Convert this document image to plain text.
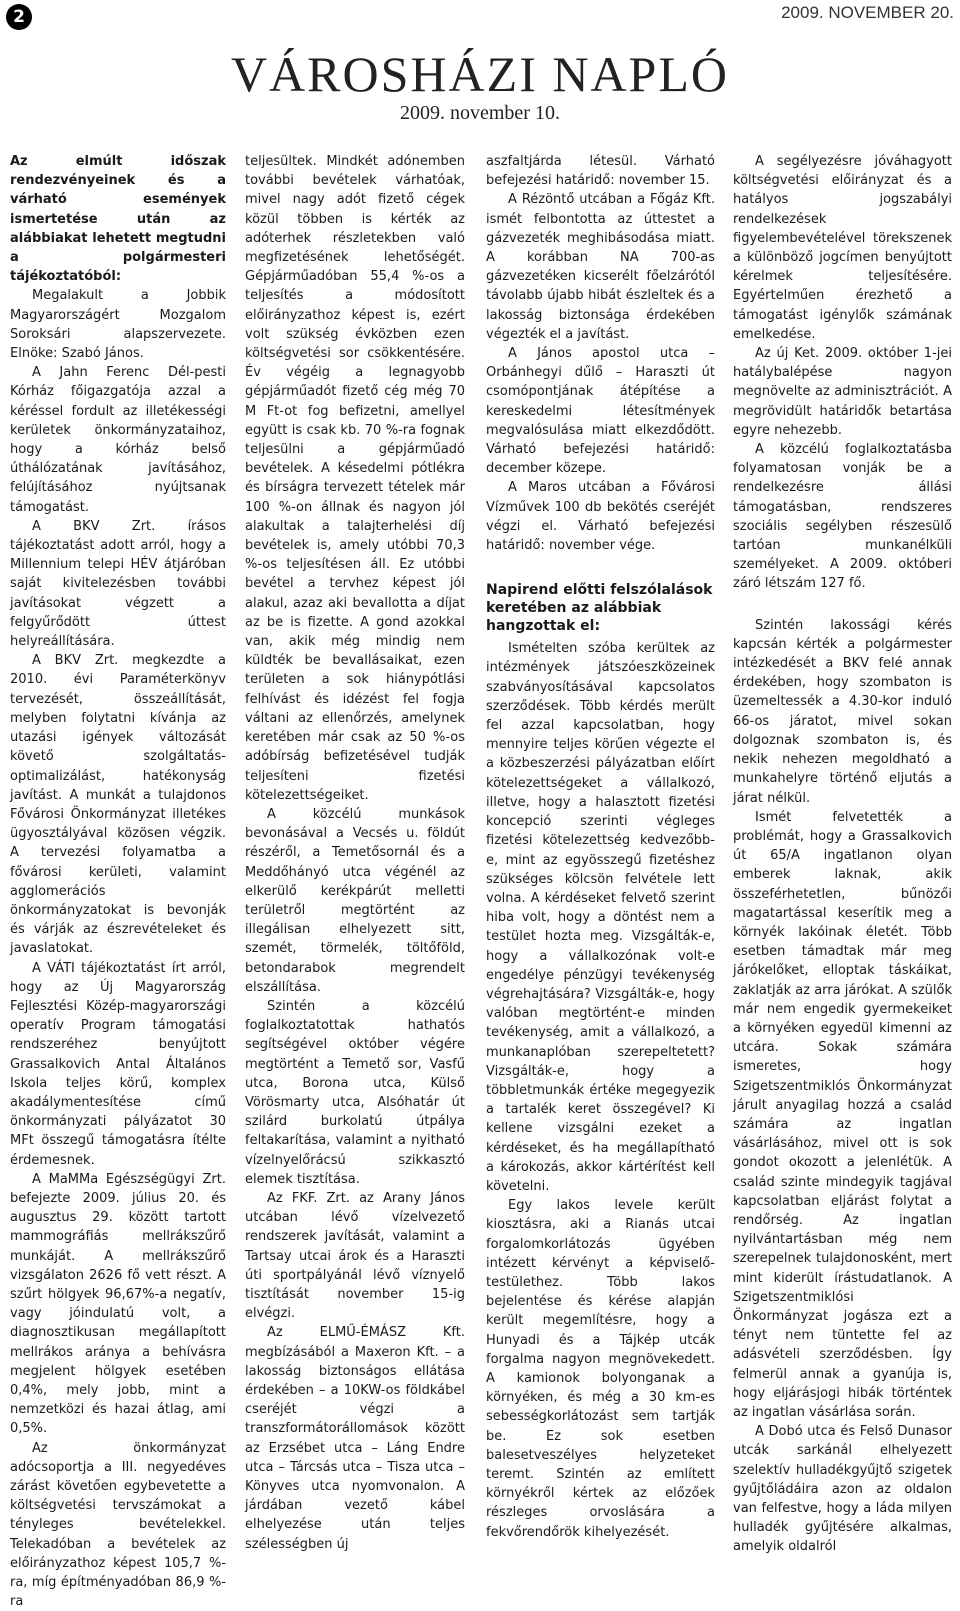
2	2009. NOVEMBER 20.
VÁROSHÁZI NAPLÓ
2009. november 10.

Az elmúlt időszak rendezvényeinek és a várható események ismertetése után az alábbiakat lehetett megtudni a polgármesteri tájékoztatóból:

Megalakult a Jobbik Magyarországért Mozgalom Soroksári alapszervezete. Elnöke: Szabó János.

A Jahn Ferenc Dél-pesti Kórház főigazgatója azzal a kéréssel fordult az illetékességi kerületek önkormányzataihoz, hogy a kórház belső úthálózatának javításához, felújításához nyújtsanak támogatást.

A BKV Zrt. írásos tájékoztatást adott arról, hogy a Millennium telepi HÉV átjáróban saját kivitelezésben további javításokat végzett a felgyűrődött úttest helyreállítására.

A BKV Zrt. megkezdte a 2010. évi Paraméterkönyv tervezését, összeállítását, melyben folytatni kívánja az utazási igények változását követő szolgáltatás-optimalizálást, hatékonyság javítást. A munkát a tulajdonos Fővárosi Önkormányzat illetékes ügyosztályával közösen végzik. A tervezési folyamatba a fővárosi kerületi, valamint agglomerációs önkormányzatokat is bevonják és várják az észrevételeket és javaslatokat.

A VÁTI tájékoztatást írt arról, hogy az Új Magyarország Fejlesztési Közép-magyarországi operatív Program támogatási rendszeréhez benyújtott Grassalkovich Antal Általános Iskola teljes körű, komplex akadálymentesítése című önkormányzati pályázatot 30 MFt összegű támogatásra ítélte érdemesnek.

A MaMMa Egészségügyi Zrt. befejezte 2009. július 20. és augusztus 29. között tartott mammográfiás mellrákszűrő munkáját. A mellrákszűrő vizsgálaton 2626 fő vett részt. A szűrt hölgyek 96,67%-a negatív, vagy jóindulatú volt, a diagnosztikusan megállapított mellrákos aránya a behívásra megjelent hölgyek esetében 0,4%, mely jobb, mint a nemzetközi és hazai átlag, ami 0,5%.

Az önkormányzat adócsoportja a III. negyedéves zárást követően egybevetette a költségvetési tervszámokat a tényleges bevételekkel. Telekadóban a bevételek az előirányzathoz képest 105,7 %-ra, míg építményadóban 86,9 %-ra

teljesültek. Mindkét adónemben további bevételek várhatóak, mivel nagy adót fizető cégek közül többen is kérték az adóterhek részletekben való megfizetésének lehetőségét. Gépjárműadóban 55,4 %-os a teljesítés a módosított előirányzathoz képest is, ezért volt szükség évközben ezen költségvetési sor csökkentésére. Év végéig a legnagyobb gépjárműadót fizető cég még 70 M Ft-ot fog befizetni, amellyel együtt is csak kb. 70 %-ra fognak teljesülni a gépjárműadó bevételek. A késedelmi pótlékra és bírságra tervezett tételek már 100 %-on állnak és nagyon jól alakultak a talajterhelési díj bevételek is, amely utóbbi 70,3 %-os teljesítésen áll. Ez utóbbi bevétel a tervhez képest jól alakul, azaz aki bevallotta a díjat az be is fizette. A gond azokkal van, akik még mindig nem küldték be bevallásaikat, ezen területen a sok hiánypótlási felhívást és idézést fel fogja váltani az ellenőrzés, amelynek keretében már csak az 50 %-os adóbírság befizetésével tudják teljesíteni fizetési kötelezettségeiket.

A közcélú munkások bevonásával a Vecsés u. földút részéről, a Temetősornál és a Meddőhányó utca végénél az elkerülő kerékpárút melletti területről megtörtént az illegálisan elhelyezett sitt, szemét, törmelék, töltőföld, betondarabok megrendelt elszállítása.

Szintén a közcélú foglalkoztatottak hathatós segítségével október végére megtörtént a Temető sor, Vasfű utca, Borona utca, Külső Vörösmarty utca, Alsóhatár út szilárd burkolatú útpálya feltakarítása, valamint a nyitható vízelnyelőrácsú szikkasztó elemek tisztítása.

Az FKF. Zrt. az Arany János utcában lévő vízelvezető rendszerek javítását, valamint a Tartsay utcai árok és a Haraszti úti sportpályánál lévő víznyelő tisztítását november 15-ig elvégzi.

Az ELMŰ-ÉMÁSZ Kft. megbízásából a Maxeron Kft. – a lakosság biztonságos ellátása érdekében – a 10KW-os földkábel cseréjét végzi a transzformátorállomások között az Erzsébet utca – Láng Endre utca – Tárcsás utca – Tisza utca – Könyves utca nyomvonalon. A járdában vezető kábel elhelyezése után teljes szélességben új

aszfaltjárda létesül. Várható befejezési határidő: november 15.

A Rézöntő utcában a Főgáz Kft. ismét felbontotta az úttestet a gázvezeték meghibásodása miatt. A korábban NA 700-as gázvezetéken kicserélt főelzárótól távolabb újabb hibát észleltek és a lakosság biztonsága érdekében végezték el a javítást.

A János apostol utca – Orbánhegyi dűlő – Haraszti út csomópontjának átépítése a kereskedelmi létesítmények megvalósulása miatt elkezdődött. Várható befejezési határidő: december közepe.

A Maros utcában a Fővárosi Vízművek 100 db bekötés cseréjét végzi el. Várható befejezési határidő: november vége.

Napirend előtti felszólalások keretében az alábbiak hangzottak el:

Ismételten szóba kerültek az intézmények játszóeszközeinek szabványosításával kapcsolatos szerződések. Több kérdés merült fel azzal kapcsolatban, hogy mennyire teljes körűen végezte el a közbeszerzési pályázatban előírt kötelezettségeket a vállalkozó, illetve, hogy a halasztott fizetési koncepció szerinti végleges fizetési kötelezettség kedvezőbb-e, mint az egyösszegű fizetéshez szükséges kölcsön felvétele lett volna. A kérdéseket felvető szerint hiba volt, hogy a döntést nem a testület hozta meg. Vizsgálták-e, hogy a vállalkozónak volt-e engedélye pénzügyi tevékenység végrehajtására? Vizsgálták-e, hogy valóban megtörtént-e minden tevékenység, amit a vállalkozó, a munkanaplóban szerepeltetett? Vizsgálták-e, hogy a többletmunkák értéke megegyezik a tartalék keret összegével? Ki kellene vizsgálni ezeket a kérdéseket, és ha megállapítható a károkozás, akkor kártérítést kell követelni.

Egy lakos levele került kiosztásra, aki a Rianás utcai forgalomkorlátozás ügyében intézett kérvényt a képviselő-testülethez. Több lakos bejelentése és kérése alapján került megemlítésre, hogy a Hunyadi és a Tájkép utcák forgalma nagyon megnövekedett. A kamionok bolyonganak a környéken, és még a 30 km-es sebességkorlátozást sem tartják be. Ez sok esetben balesetveszélyes helyzeteket teremt. Szintén az említett környékről kértek az előzőek részleges orvoslására a fekvőrendőrök kihelyezését.

A segélyezésre jóváhagyott költségvetési előirányzat és a hatályos jogszabályi rendelkezések figyelembevételével törekszenek a különböző jogcímen benyújtott kérelmek teljesítésére. Egyértelműen érezhető a támogatást igénylők számának emelkedése.

Az új Ket. 2009. október 1-jei hatálybalépése nagyon megnövelte az adminisztrációt. A megrövidült határidők betartása egyre nehezebb.

A közcélú foglalkoztatásba folyamatosan vonják be a rendelkezésre állási támogatásban, rendszeres szociális segélyben részesülő tartóan munkanélküli személyeket. A 2009. októberi záró létszám 127 fő.

Szintén lakossági kérés kapcsán kérték a polgármester intézkedését a BKV felé annak érdekében, hogy szombaton is üzemeltessék a 4.30-kor induló 66-os járatot, mivel sokan dolgoznak szombaton is, és nekik nehezen megoldható a munkahelyre történő eljutás a járat nélkül.

Ismét felvetették a problémát, hogy a Grassalkovich út 65/A ingatlanon olyan emberek laknak, akik összeférhetetlen, bűnözői magatartással keserítik meg a környék lakóinak életét. Több esetben támadtak már meg járókelőket, elloptak táskáikat, zaklatják az arra járókat. A szülők már nem engedik gyermekeiket a környéken egyedül kimenni az utcára. Sokak számára ismeretes, hogy Szigetszentmiklós Önkormányzat járult anyagilag hozzá a család számára az ingatlan vásárlásához, mivel ott is sok gondot okozott a jelenlétük. A család szinte mindegyik tagjával kapcsolatban eljárást folytat a rendőrség. Az ingatlan nyilvántartásban még nem szerepelnek tulajdonosként, mert mint kiderült írástudatlanok. A Szigetszentmiklósi Önkormányzat jogásza ezt a tényt nem tüntette fel az adásvételi szerződésben. Így felmerül annak a gyanúja is, hogy eljárásjogi hibák történtek az ingatlan vásárlása során.

A Dobó utca és Felső Dunasor utcák sarkánál elhelyezett szelektív hulladékgyűjtő szigetek gyűjtőládáira azon az oldalon van felfestve, hogy a láda milyen hulladék gyűjtésére alkalmas, amelyik oldalról
